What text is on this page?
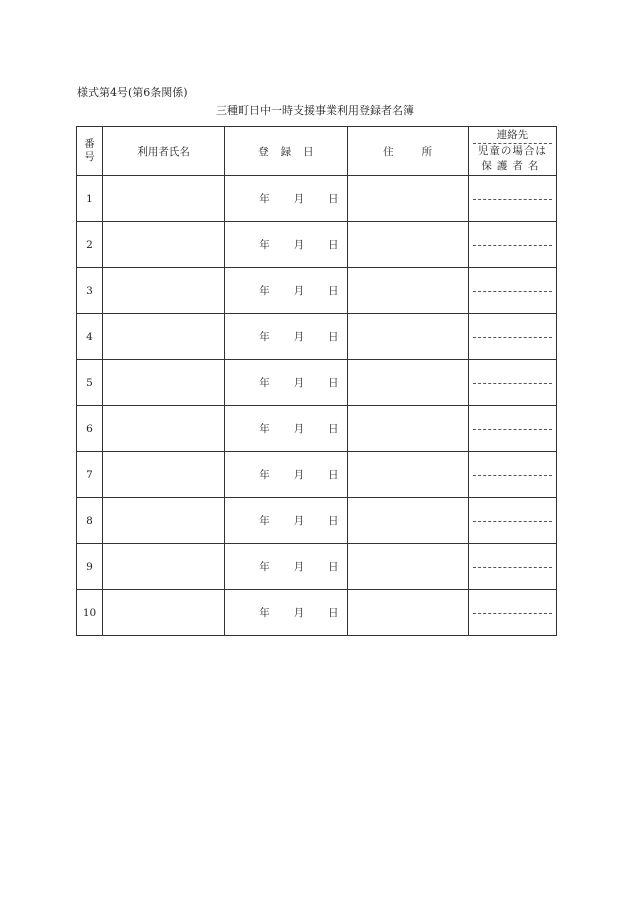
様式第4号(第6条関係)
三種町日中一時支援事業利用登録者名簿
番号	利用者氏名	登 録 日	住 所	連絡先
児童の場合は
保護者名

1		年 月 日		

2		年 月 日		

3		年 月 日		

4		年 月 日		

5		年 月 日		

6		年 月 日		

7		年 月 日		

8		年 月 日		

9		年 月 日		

10		年 月 日		
